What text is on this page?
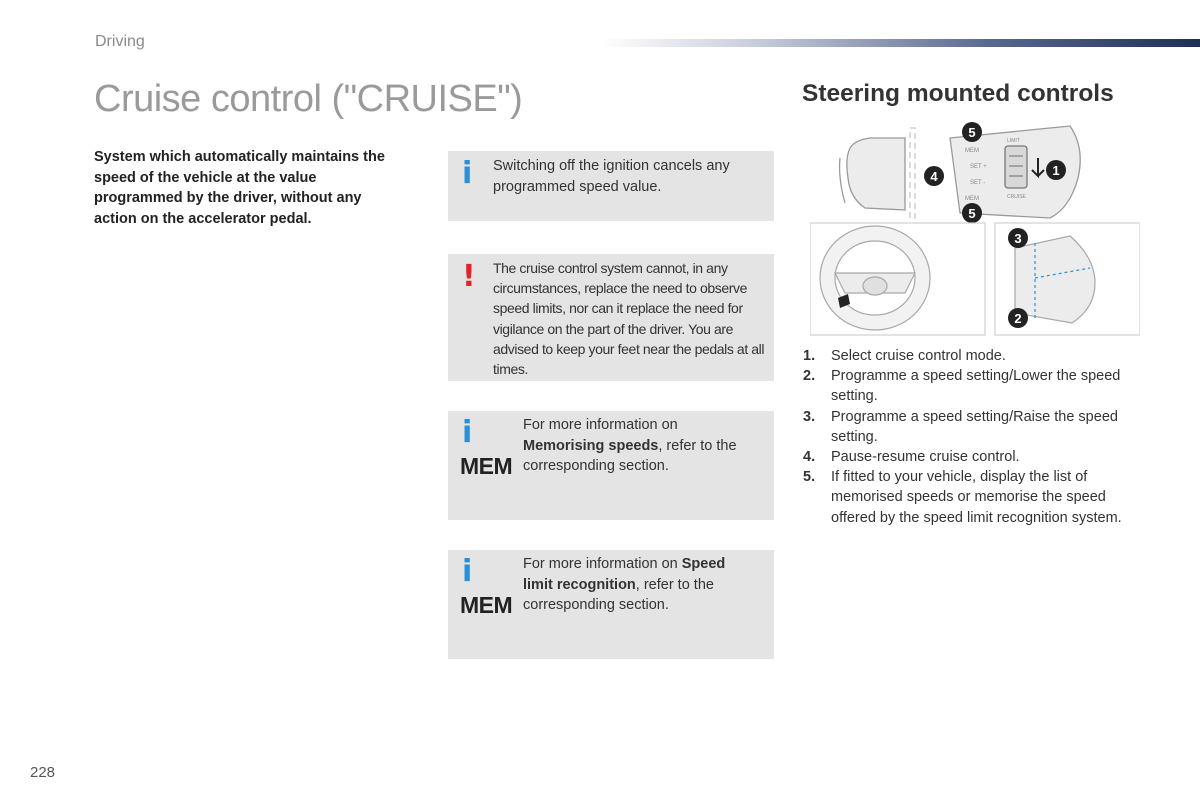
Driving
Cruise control ("CRUISE")
System which automatically maintains the speed of the vehicle at the value programmed by the driver, without any action on the accelerator pedal.
i Switching off the ignition cancels any programmed speed value.
! The cruise control system cannot, in any circumstances, replace the need to observe speed limits, nor can it replace the need for vigilance on the part of the driver. You are advised to keep your feet near the pedals at all times.
i
MEM
For more information on Memorising speeds, refer to the corresponding section.
i
MEM
For more information on Speed limit recognition, refer to the corresponding section.
Steering mounted controls
MEM
SET +
SET -
LIMIT
CRUISE
MEM
5
4
5
1
3
2
1. Select cruise control mode.
2. Programme a speed setting/Lower the speed setting.
3. Programme a speed setting/Raise the speed setting.
4. Pause-resume cruise control.
5. If fitted to your vehicle, display the list of memorised speeds or memorise the speed offered by the speed limit recognition system.
228
